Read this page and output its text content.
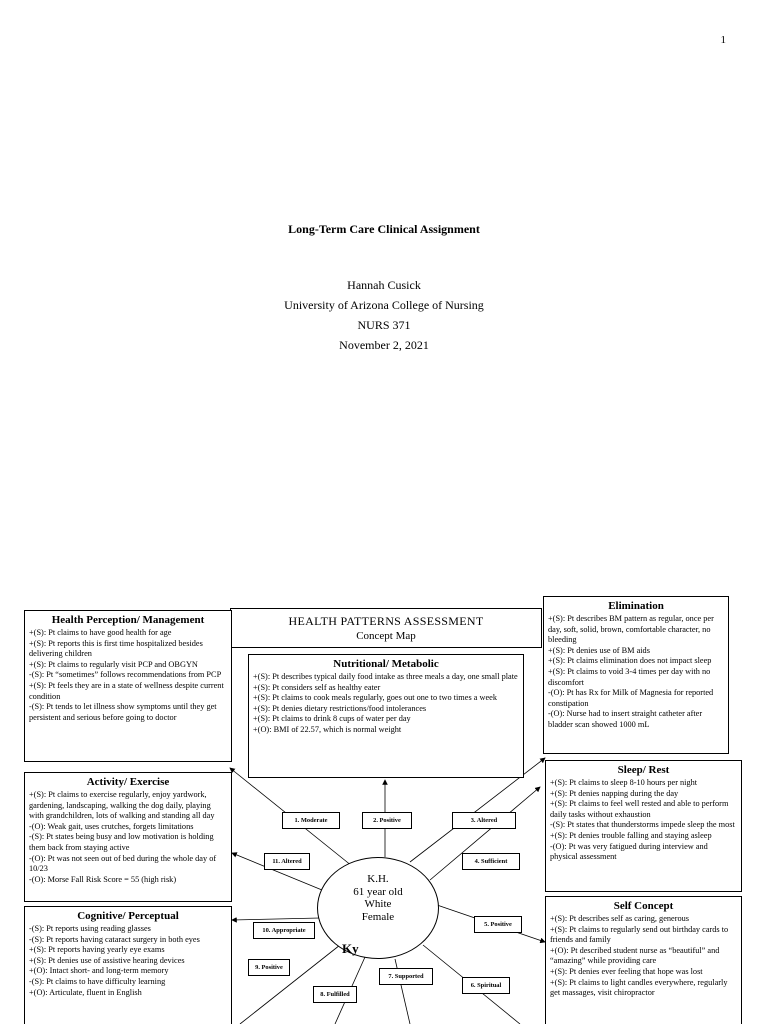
1
Long-Term Care Clinical Assignment
Hannah Cusick
University of Arizona College of Nursing
NURS 371
November 2, 2021
HEALTH PATTERNS ASSESSMENT
Concept Map
Health Perception/ Management
+(S): Pt claims to have good health for age
+(S): Pt reports this is first time hospitalized besides delivering children
+(S): Pt claims to regularly visit PCP and OBGYN
-(S): Pt “sometimes” follows recommendations from PCP
+(S): Pt feels they are in a state of wellness despite current condition
-(S): Pt tends to let illness show symptoms until they get persistent and serious before going to doctor
Nutritional/ Metabolic
+(S): Pt describes typical daily food intake as three meals a day, one small plate
+(S): Pt considers self as healthy eater
+(S): Pt claims to cook meals regularly, goes out one to two times a week
+(S): Pt denies dietary restrictions/food intolerances
+(S): Pt claims to drink 8 cups of water per day
+(O): BMI of 22.57, which is normal weight
Elimination
+(S): Pt describes BM pattern as regular, once per day, soft, solid, brown, comfortable character, no bleeding
+(S): Pt denies use of BM aids
+(S): Pt claims elimination does not impact sleep
+(S): Pt claims to void 3-4 times per day with no discomfort
-(O): Pt has Rx for Milk of Magnesia for reported constipation
-(O): Nurse had to insert straight catheter after bladder scan showed 1000 mL
Activity/ Exercise
+(S): Pt claims to exercise regularly, enjoy yardwork, gardening, landscaping, walking the dog daily, playing with grandchildren, lots of walking and standing all day
-(O): Weak gait, uses crutches, forgets limitations
-(S): Pt states being busy and low motivation is holding them back from staying active
-(O): Pt was not seen out of bed during the whole day of 10/23
-(O): Morse Fall Risk Score = 55 (high risk)
Sleep/ Rest
+(S): Pt claims to sleep 8-10 hours per night
+(S): Pt denies napping during the day
+(S): Pt claims to feel well rested and able to perform daily tasks without exhaustion
-(S): Pt states that thunderstorms impede sleep the most
+(S): Pt denies trouble falling and staying asleep
-(O): Pt was very fatigued during interview and physical assessment
Cognitive/ Perceptual
-(S): Pt reports using reading glasses
-(S): Pt reports having cataract surgery in both eyes
+(S): Pt reports having yearly eye exams
+(S): Pt denies use of assistive hearing devices
+(O): Intact short- and long-term memory
-(S): Pt claims to have difficulty learning
+(O): Articulate, fluent in English
Self Concept
+(S): Pt describes self as caring, generous
+(S): Pt claims to regularly send out birthday cards to friends and family
+(O): Pt described student nurse as “beautiful” and “amazing” while providing care
+(S): Pt denies ever feeling that hope was lost
+(S): Pt claims to light candles everywhere, regularly get massages, visit chiropractor
1. Moderate	2. Positive	3. Altered
4. Sufficient
5. Positive
6. Spiritual
7. Supported
8. Fulfilled
9. Positive
10. Appropriate
11. Altered
K.H.
61 year old
White
Female
Ky
